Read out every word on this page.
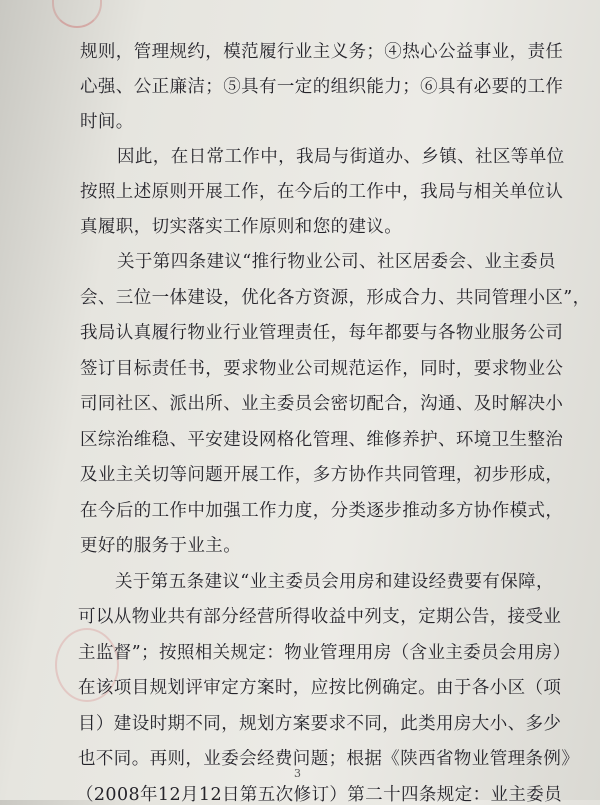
规则，管理规约，模范履行业主义务；④热心公益事业，责任
心强、公正廉洁；⑤具有一定的组织能力；⑥具有必要的工作
时间。
因此，在日常工作中，我局与街道办、乡镇、社区等单位
按照上述原则开展工作，在今后的工作中，我局与相关单位认
真履职，切实落实工作原则和您的建议。
关于第四条建议“推行物业公司、社区居委会、业主委员
会、三位一体建设，优化各方资源，形成合力、共同管理小区”，
我局认真履行物业行业管理责任，每年都要与各物业服务公司
签订目标责任书，要求物业公司规范运作，同时，要求物业公
司同社区、派出所、业主委员会密切配合，沟通、及时解决小
区综治维稳、平安建设网格化管理、维修养护、环境卫生整治
及业主关切等问题开展工作，多方协作共同管理，初步形成，
在今后的工作中加强工作力度，分类逐步推动多方协作模式，
更好的服务于业主。
关于第五条建议“业主委员会用房和建设经费要有保障，
可以从物业共有部分经营所得收益中列支，定期公告，接受业
主监督”；按照相关规定：物业管理用房（含业主委员会用房）
在该项目规划评审定方案时，应按比例确定。由于各小区（项
目）建设时期不同，规划方案要求不同，此类用房大小、多少
也不同。再则，业委会经费问题；根据《陕西省物业管理条例》
（2008年12月12日第五次修订）第二十四条规定：业主委员
3
